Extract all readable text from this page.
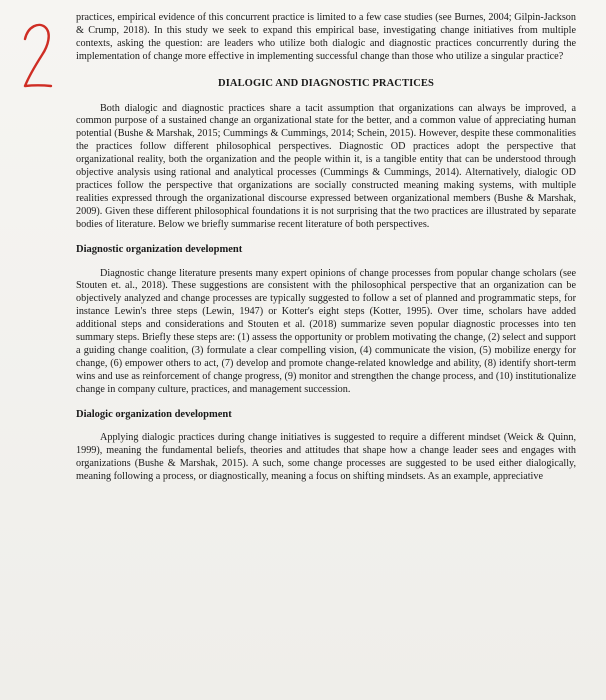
practices, empirical evidence of this concurrent practice is limited to a few case studies (see Burnes, 2004; Gilpin-Jackson & Crump, 2018). In this study we seek to expand this empirical base, investigating change initiatives from multiple contexts, asking the question: are leaders who utilize both dialogic and diagnostic practices concurrently during the implementation of change more effective in implementing successful change than those who utilize a singular practice?

DIALOGIC AND DIAGNOSTIC PRACTICES

Both dialogic and diagnostic practices share a tacit assumption that organizations can always be improved, a common purpose of a sustained change an organizational state for the better, and a common value of appreciating human potential (Bushe & Marshak, 2015; Cummings & Cummings, 2014; Schein, 2015). However, despite these commonalities the practices follow different philosophical perspectives. Diagnostic OD practices adopt the perspective that organizational reality, both the organization and the people within it, is a tangible entity that can be understood through objective analysis using rational and analytical processes (Cummings & Cummings, 2014). Alternatively, dialogic OD practices follow the perspective that organizations are socially constructed meaning making systems, with multiple realities expressed through the organizational discourse expressed between organizational members (Bushe & Marshak, 2009). Given these different philosophical foundations it is not surprising that the two practices are illustrated by separate bodies of literature. Below we briefly summarise recent literature of both perspectives.

Diagnostic organization development

Diagnostic change literature presents many expert opinions of change processes from popular change scholars (see Stouten et. al., 2018). These suggestions are consistent with the philosophical perspective that an organization can be objectively analyzed and change processes are typically suggested to follow a set of planned and programmatic steps, for instance Lewin's three steps (Lewin, 1947) or Kotter's eight steps (Kotter, 1995). Over time, scholars have added additional steps and considerations and Stouten et al. (2018) summarize seven popular diagnostic processes into ten summary steps. Briefly these steps are: (1) assess the opportunity or problem motivating the change, (2) select and support a guiding change coalition, (3) formulate a clear compelling vision, (4) communicate the vision, (5) mobilize energy for change, (6) empower others to act, (7) develop and promote change-related knowledge and ability, (8) identify short-term wins and use as reinforcement of change progress, (9) monitor and strengthen the change process, and (10) institutionalize change in company culture, practices, and management succession.

Dialogic organization development

Applying dialogic practices during change initiatives is suggested to require a different mindset (Weick & Quinn, 1999), meaning the fundamental beliefs, theories and attitudes that shape how a change leader sees and engages with organizations (Bushe & Marshak, 2015). A such, some change processes are suggested to be used either dialogically, meaning following a process, or diagnostically, meaning a focus on shifting mindsets. As an example, appreciative
